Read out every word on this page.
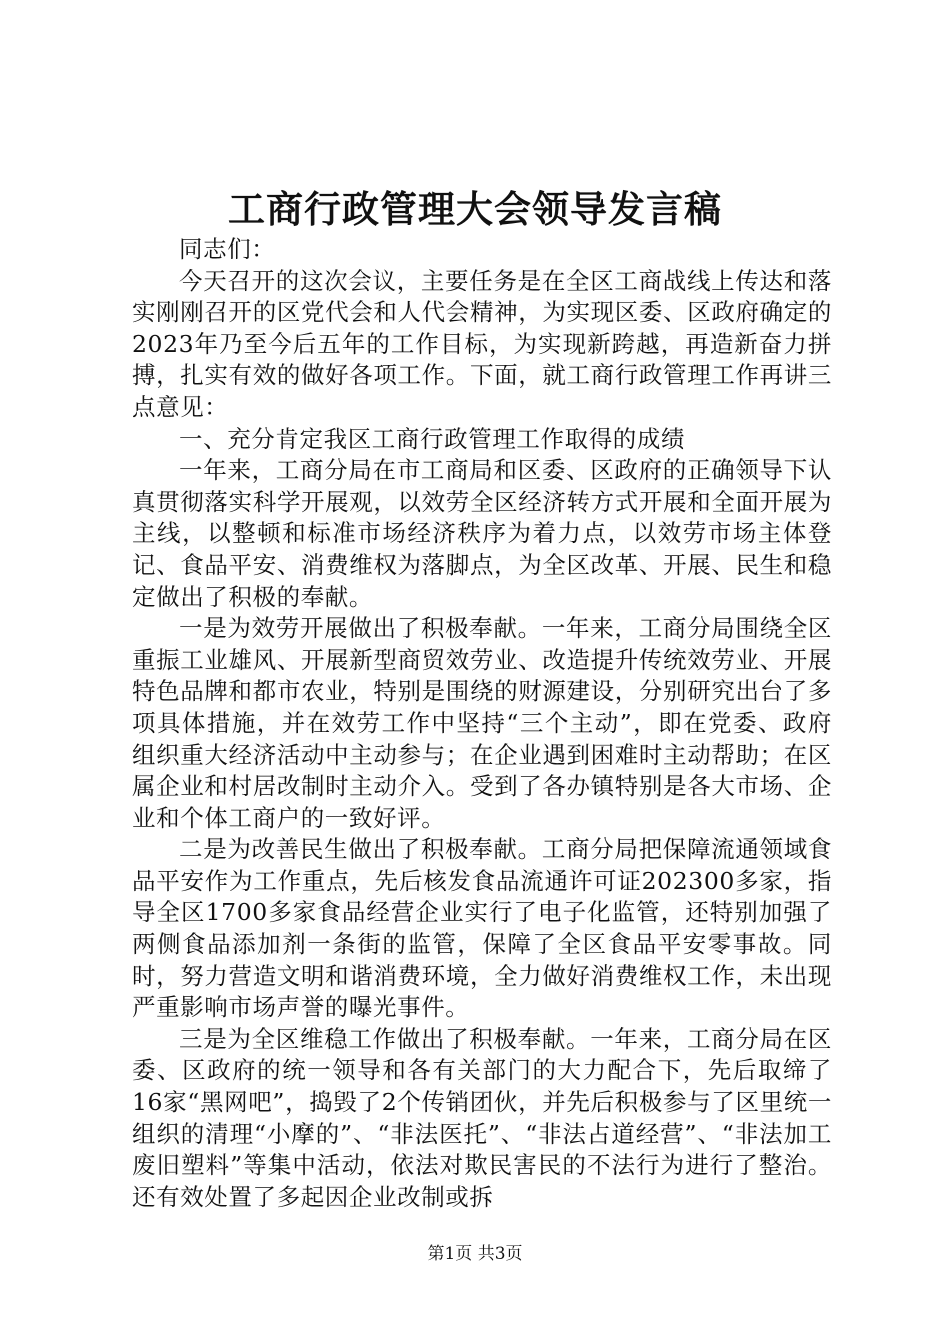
工商行政管理大会领导发言稿

同志们：

今天召开的这次会议，主要任务是在全区工商战线上传达和落实刚刚召开的区党代会和人代会精神，为实现区委、区政府确定的2023年乃至今后五年的工作目标，为实现新跨越，再造新奋力拼搏，扎实有效的做好各项工作。下面，就工商行政管理工作再讲三点意见：

一、充分肯定我区工商行政管理工作取得的成绩

一年来，工商分局在市工商局和区委、区政府的正确领导下认真贯彻落实科学开展观，以效劳全区经济转方式开展和全面开展为主线，以整顿和标准市场经济秩序为着力点，以效劳市场主体登记、食品平安、消费维权为落脚点，为全区改革、开展、民生和稳定做出了积极的奉献。

一是为效劳开展做出了积极奉献。一年来，工商分局围绕全区重振工业雄风、开展新型商贸效劳业、改造提升传统效劳业、开展特色品牌和都市农业，特别是围绕的财源建设，分别研究出台了多项具体措施，并在效劳工作中坚持“三个主动”，即在党委、政府组织重大经济活动中主动参与；在企业遇到困难时主动帮助；在区属企业和村居改制时主动介入。受到了各办镇特别是各大市场、企业和个体工商户的一致好评。

二是为改善民生做出了积极奉献。工商分局把保障流通领域食品平安作为工作重点，先后核发食品流通许可证202300多家，指导全区1700多家食品经营企业实行了电子化监管，还特别加强了两侧食品添加剂一条街的监管，保障了全区食品平安零事故。同时，努力营造文明和谐消费环境，全力做好消费维权工作，未出现严重影响市场声誉的曝光事件。

三是为全区维稳工作做出了积极奉献。一年来，工商分局在区委、区政府的统一领导和各有关部门的大力配合下，先后取缔了16家“黑网吧”，捣毁了2个传销团伙，并先后积极参与了区里统一组织的清理“小摩的”、“非法医托”、“非法占道经营”、“非法加工废旧塑料”等集中活动，依法对欺民害民的不法行为进行了整治。还有效处置了多起因企业改制或拆

第1页 共3页
